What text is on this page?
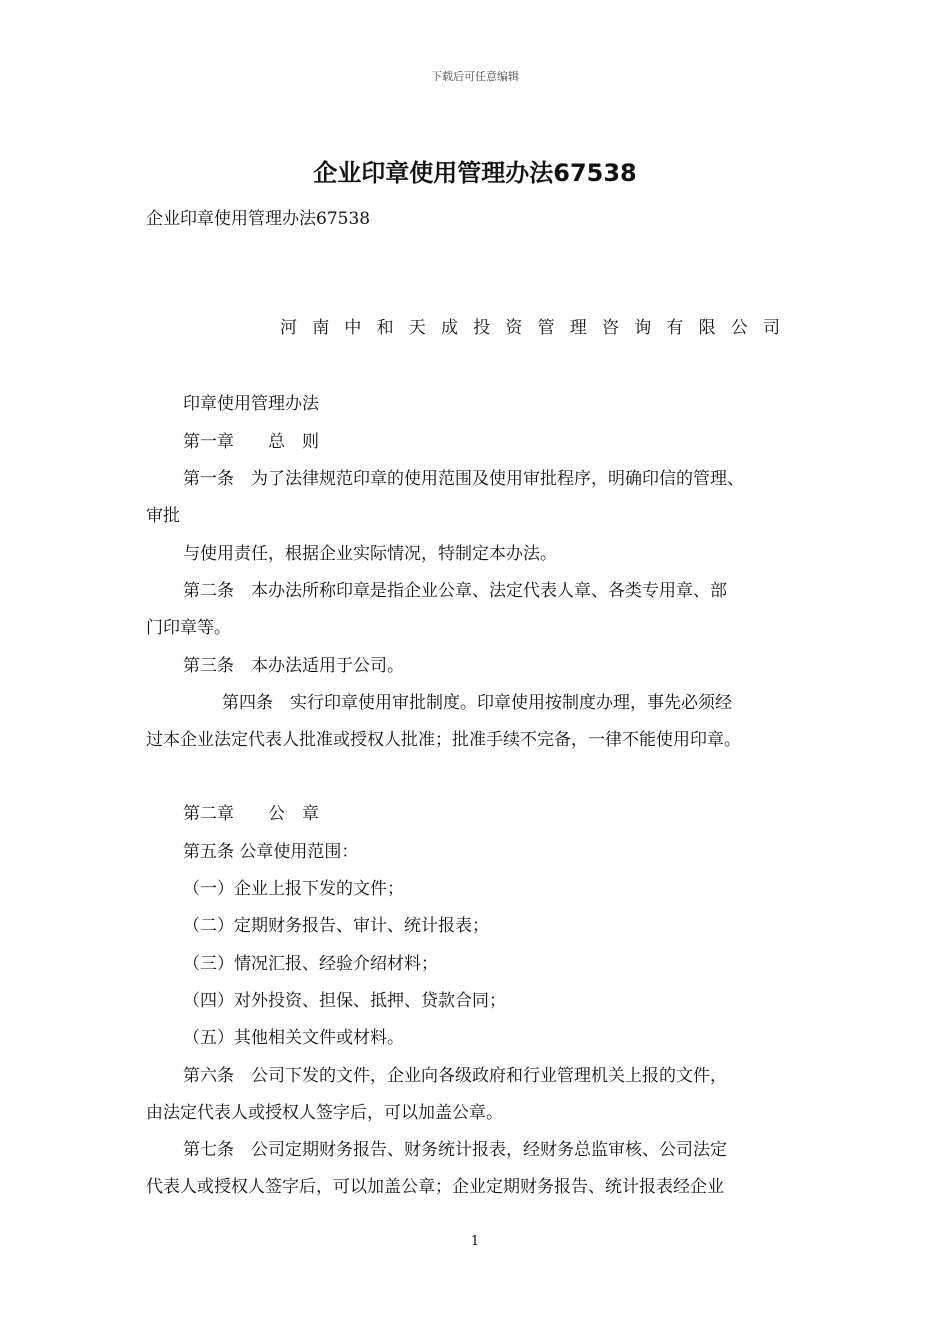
下载后可任意编辑
企业印章使用管理办法67538
企业印章使用管理办法67538
河南中和天成投资管理咨询有限公司
印章使用管理办法
第一章　　总　则
第一条　为了法律规范印章的使用范围及使用审批程序，明确印信的管理、
审批
与使用责任，根据企业实际情况，特制定本办法。
第二条　本办法所称印章是指企业公章、法定代表人章、各类专用章、部
门印章等。
第三条　本办法适用于公司。
第四条　实行印章使用审批制度。印章使用按制度办理，事先必须经
过本企业法定代表人批准或授权人批准；批准手续不完备，一律不能使用印章。
第二章　　公　章
第五条 公章使用范围：
（一）企业上报下发的文件；
（二）定期财务报告、审计、统计报表；
（三）情况汇报、经验介绍材料；
（四）对外投资、担保、抵押、贷款合同；
（五）其他相关文件或材料。
第六条　公司下发的文件，企业向各级政府和行业管理机关上报的文件，
由法定代表人或授权人签字后，可以加盖公章。
第七条　公司定期财务报告、财务统计报表，经财务总监审核、公司法定
代表人或授权人签字后，可以加盖公章；企业定期财务报告、统计报表经企业
1
